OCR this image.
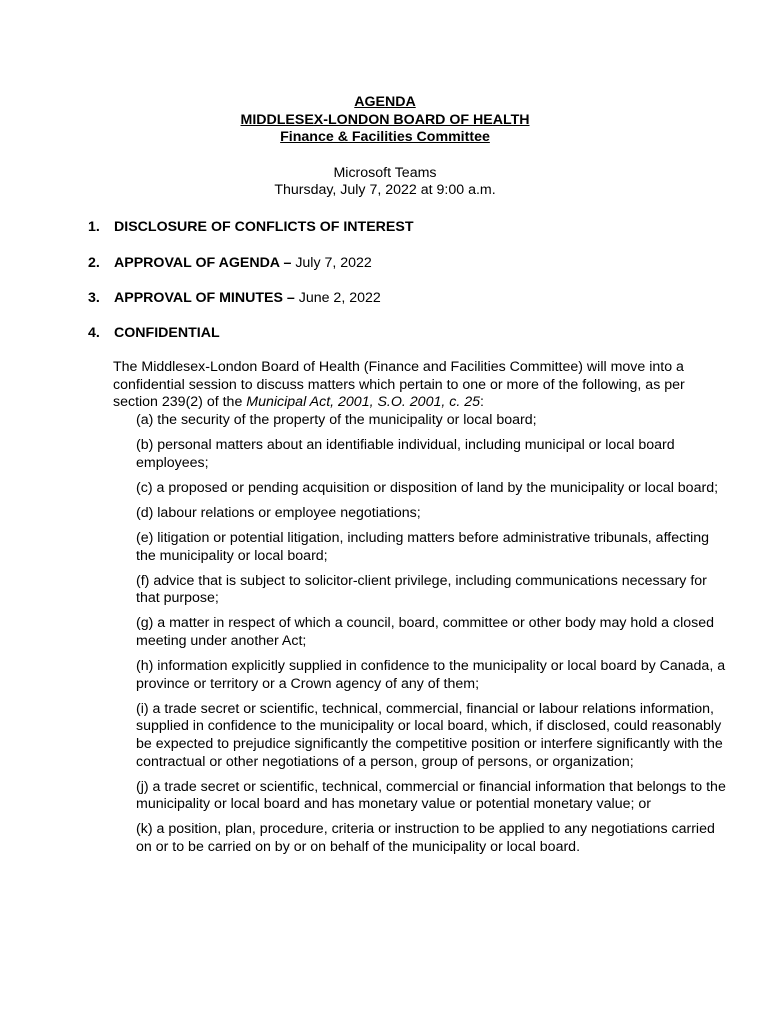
AGENDA
MIDDLESEX-LONDON BOARD OF HEALTH
Finance & Facilities Committee
Microsoft Teams
Thursday, July 7, 2022 at 9:00 a.m.
1. DISCLOSURE OF CONFLICTS OF INTEREST
2. APPROVAL OF AGENDA – July 7, 2022
3. APPROVAL OF MINUTES – June 2, 2022
4. CONFIDENTIAL
The Middlesex-London Board of Health (Finance and Facilities Committee) will move into a confidential session to discuss matters which pertain to one or more of the following, as per section 239(2) of the Municipal Act, 2001, S.O. 2001, c. 25:
(a) the security of the property of the municipality or local board;
(b) personal matters about an identifiable individual, including municipal or local board employees;
(c) a proposed or pending acquisition or disposition of land by the municipality or local board;
(d) labour relations or employee negotiations;
(e) litigation or potential litigation, including matters before administrative tribunals, affecting the municipality or local board;
(f) advice that is subject to solicitor-client privilege, including communications necessary for that purpose;
(g) a matter in respect of which a council, board, committee or other body may hold a closed meeting under another Act;
(h) information explicitly supplied in confidence to the municipality or local board by Canada, a province or territory or a Crown agency of any of them;
(i) a trade secret or scientific, technical, commercial, financial or labour relations information, supplied in confidence to the municipality or local board, which, if disclosed, could reasonably be expected to prejudice significantly the competitive position or interfere significantly with the contractual or other negotiations of a person, group of persons, or organization;
(j) a trade secret or scientific, technical, commercial or financial information that belongs to the municipality or local board and has monetary value or potential monetary value; or
(k) a position, plan, procedure, criteria or instruction to be applied to any negotiations carried on or to be carried on by or on behalf of the municipality or local board.
